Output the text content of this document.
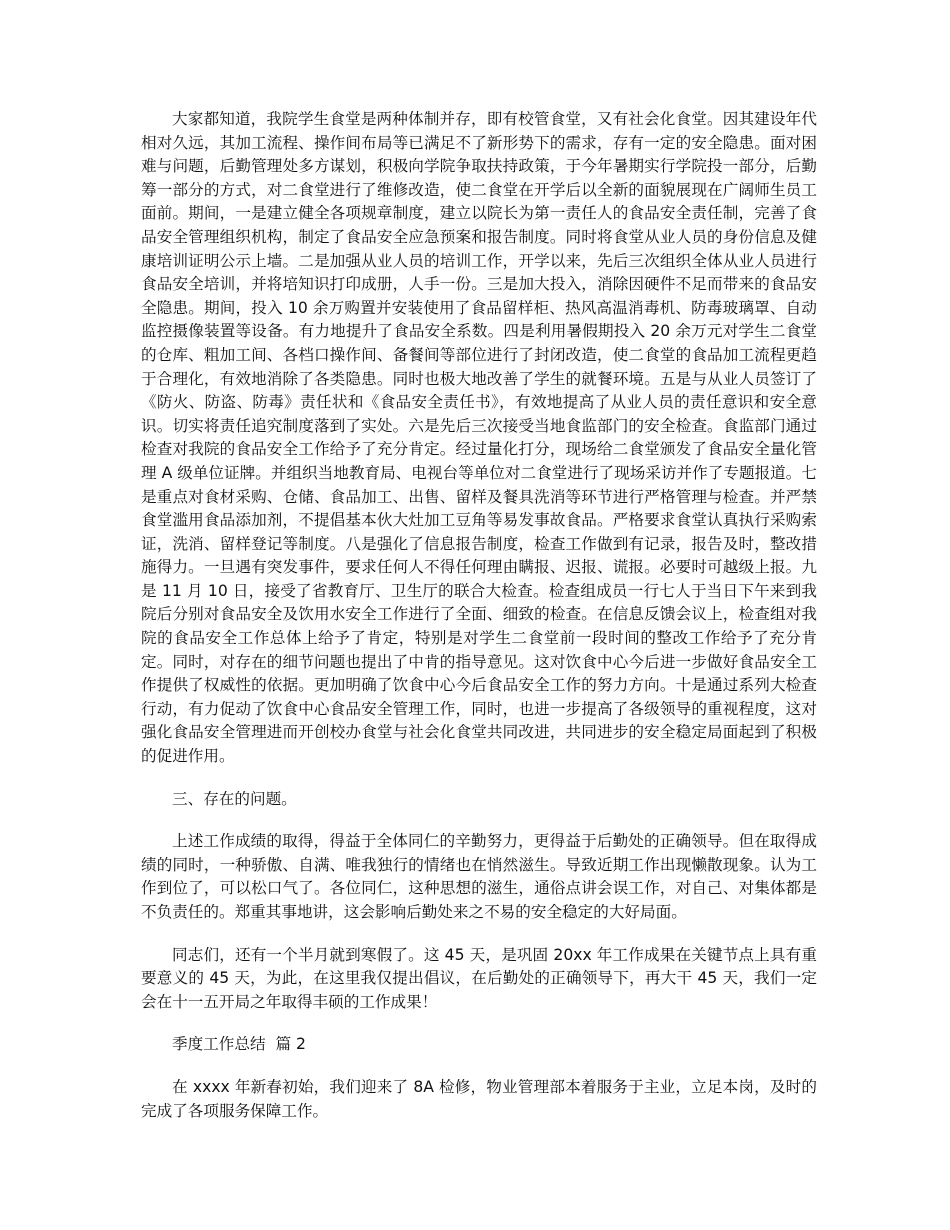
大家都知道，我院学生食堂是两种体制并存，即有校管食堂，又有社会化食堂。因其建设年代相对久远，其加工流程、操作间布局等已满足不了新形势下的需求，存有一定的安全隐患。面对困难与问题，后勤管理处多方谋划，积极向学院争取扶持政策，于今年暑期实行学院投一部分，后勤筹一部分的方式，对二食堂进行了维修改造，使二食堂在开学后以全新的面貌展现在广阔师生员工面前。期间，一是建立健全各项规章制度，建立以院长为第一责任人的食品安全责任制，完善了食品安全管理组织机构，制定了食品安全应急预案和报告制度。同时将食堂从业人员的身份信息及健康培训证明公示上墙。二是加强从业人员的培训工作，开学以来，先后三次组织全体从业人员进行食品安全培训，并将培知识打印成册，人手一份。三是加大投入，消除因硬件不足而带来的食品安全隐患。期间，投入 10 余万购置并安装使用了食品留样柜、热风高温消毒机、防毒玻璃罩、自动监控摄像装置等设备。有力地提升了食品安全系数。四是利用暑假期投入 20 余万元对学生二食堂的仓库、粗加工间、各档口操作间、备餐间等部位进行了封闭改造，使二食堂的食品加工流程更趋于合理化，有效地消除了各类隐患。同时也极大地改善了学生的就餐环境。五是与从业人员签订了《防火、防盗、防毒》责任状和《食品安全责任书》，有效地提高了从业人员的责任意识和安全意识。切实将责任追究制度落到了实处。六是先后三次接受当地食监部门的安全检查。食监部门通过检查对我院的食品安全工作给予了充分肯定。经过量化打分，现场给二食堂颁发了食品安全量化管理 A 级单位证牌。并组织当地教育局、电视台等单位对二食堂进行了现场采访并作了专题报道。七是重点对食材采购、仓储、食品加工、出售、留样及餐具洗消等环节进行严格管理与检查。并严禁食堂滥用食品添加剂，不提倡基本伙大灶加工豆角等易发事故食品。严格要求食堂认真执行采购索证，洗消、留样登记等制度。八是强化了信息报告制度，检查工作做到有记录，报告及时，整改措施得力。一旦遇有突发事件，要求任何人不得任何理由瞒报、迟报、谎报。必要时可越级上报。九是 11 月 10 日，接受了省教育厅、卫生厅的联合大检查。检查组成员一行七人于当日下午来到我院后分别对食品安全及饮用水安全工作进行了全面、细致的检查。在信息反馈会议上，检查组对我院的食品安全工作总体上给予了肯定，特别是对学生二食堂前一段时间的整改工作给予了充分肯定。同时，对存在的细节问题也提出了中肯的指导意见。这对饮食中心今后进一步做好食品安全工作提供了权威性的依据。更加明确了饮食中心今后食品安全工作的努力方向。十是通过系列大检查行动，有力促动了饮食中心食品安全管理工作，同时，也进一步提高了各级领导的重视程度，这对强化食品安全管理进而开创校办食堂与社会化食堂共同改进，共同进步的安全稳定局面起到了积极的促进作用。

三、存在的问题。

上述工作成绩的取得，得益于全体同仁的辛勤努力，更得益于后勤处的正确领导。但在取得成绩的同时，一种骄傲、自满、唯我独行的情绪也在悄然滋生。导致近期工作出现懒散现象。认为工作到位了，可以松口气了。各位同仁，这种思想的滋生，通俗点讲会误工作，对自己、对集体都是不负责任的。郑重其事地讲，这会影响后勤处来之不易的安全稳定的大好局面。

同志们，还有一个半月就到寒假了。这 45 天，是巩固 20xx 年工作成果在关键节点上具有重要意义的 45 天，为此，在这里我仅提出倡议，在后勤处的正确领导下，再大干 45 天，我们一定会在十一五开局之年取得丰硕的工作成果！

季度工作总结  篇 2

在 xxxx 年新春初始，我们迎来了 8A 检修，物业管理部本着服务于主业，立足本岗，及时的完成了各项服务保障工作。
